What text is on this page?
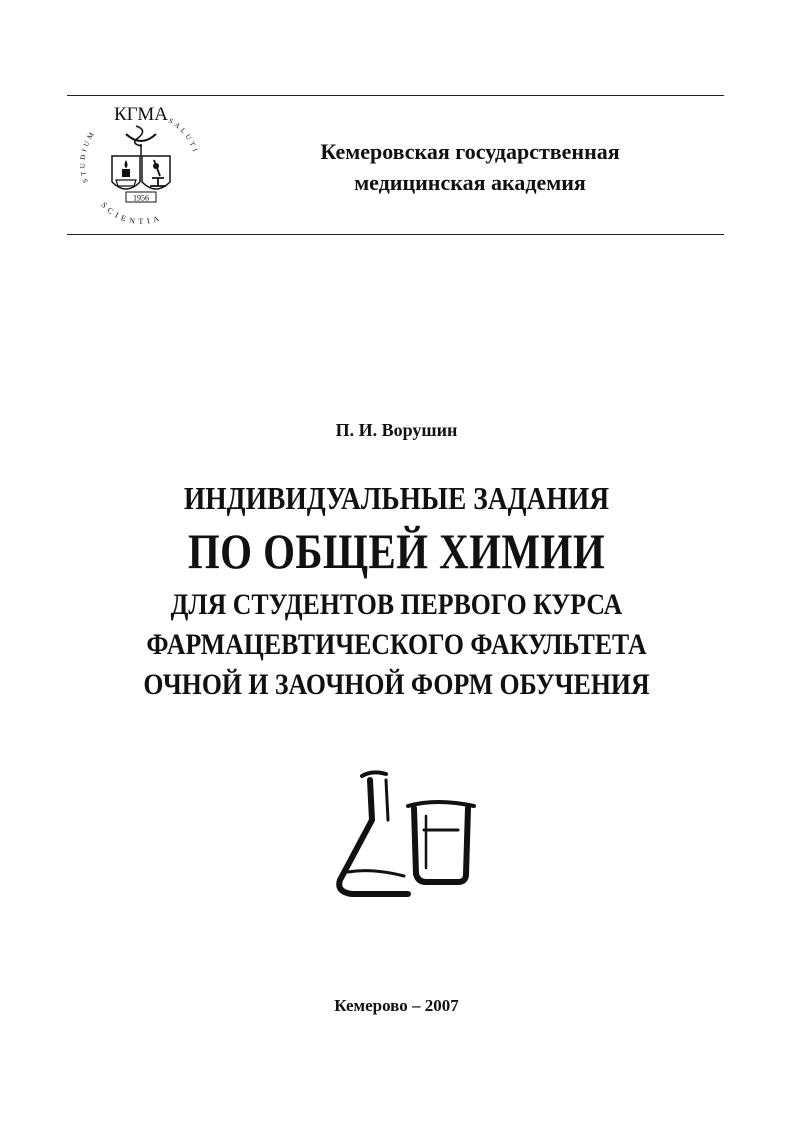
КГМА
SALUTI
STUDIUM
SCIENTIA
1956
Кемеровская государственная
медицинская академия
П. И. Ворушин
ИНДИВИДУАЛЬНЫЕ ЗАДАНИЯ
ПО ОБЩЕЙ ХИМИИ
ДЛЯ СТУДЕНТОВ ПЕРВОГО КУРСА
ФАРМАЦЕВТИЧЕСКОГО ФАКУЛЬТЕТА
ОЧНОЙ И ЗАОЧНОЙ ФОРМ ОБУЧЕНИЯ
Кемерово – 2007
